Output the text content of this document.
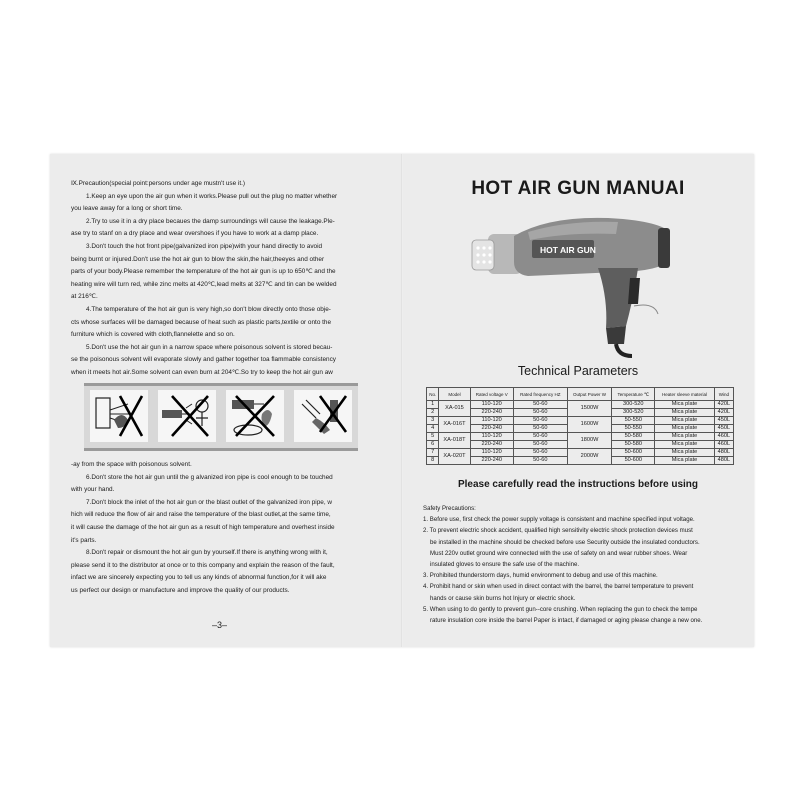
Ⅸ.Precaution(special point:persons under age mustn't use it.)

1.Keep an eye upon the air gun when it works.Please pull out the plug no matter whether

you leave away for a long or short time.

2.Try to use it in a dry place becaues the damp surroundings will cause the leakage.Ple-

ase try to stanf on a dry place and wear overshoes if you have to work at a damp place.

3.Don't touch the hot front pipe(galvanized iron pipe)with your hand directly to avoid

being burnt or injured.Don't use the hot air gun to blow the skin,the hair,theeyes and other

parts of your body.Please remember the temperature of the hot air gun is up to 650℃ and the

heating wire will turn red, while zinc melts at 420℃,lead melts at 327℃ and tin can be welded

at 216℃.

4.The temperature of the hot air gun is very high,so don't blow directly onto those obje-

cts whose surfaces will be damaged because of heat such as plastic parts,textile or onto the

furniture which is covered with cloth,flannelette and so on.

5.Don't use the hot air gun in a narrow space where poisonous solvent is stored becau-

se the poisonous solvent will evaporate slowly and gather together toa flammable consistency

when it meets hot air.Some solvent can even burn at 204℃.So try to keep the hot air gun aw

-ay from the space with poisonous solvent.

6.Don't store the hot air gun until the g alvanized iron pipe is cool enough to be touched

with your hand.

7.Don't block the inlet of the hot air gun or the blast outlet of the galvanized iron pipe, w

hich will reduce the flow of air and raise the temperature of the blast outlet,at the same time,

it will cause the damage of the hot air gun as a result of high temperature and overhest inside

it's parts.

8.Don't repair or dismount the hot air gun by yourself.If there is anything wrong with it,

please send it to the distributor at once or to this company and explain the reason of the fault,

infact we are sincerely expecting you to tell us any kinds of abnormal function,for it will ake

us perfect our design or manufacture and improve the quality of our products.

–3–
HOT AIR GUN MANUAI
HOT AIR GUN
Technical Parameters
No.	Model	Rated voltage V	Rated frequency HZ	Output Power W	Temperature ℃	Heater sleeve material	Wind
1	XA-015	110-120	50-60	1500W	300-520	Mica plate	420L
2		220-240	50-60		300-520	Mica plate	420L
3	XA-016T	110-120	50-60	1600W	50-550	Mica plate	450L
4		220-240	50-60		50-550	Mica plate	450L
5	XA-018T	110-120	50-60	1800W	50-580	Mica plate	460L
6		220-240	50-60		50-580	Mica plate	460L
7	XA-020T	110-120	50-60	2000W	50-600	Mica plate	480L
8		220-240	50-60		50-600	Mica plate	480L
Please carefully read the instructions before using

Safety Precautions:

1. Before use, first check the power supply voltage is consistent and machine specified input voltage.

2. To prevent electric shock accident, qualified high sensitivity electric shock protection devices must

be installed in the machine should be checked before use Security outside the insulated conductors.

Must 220v outlet ground wire connected with the use of safety on and wear rubber shoes. Wear

insulated gloves to ensure the safe use of the machine.

3. Prohibited thunderstorm days, humid environment to debug and use of this machine.

4. Prohibit hand or skin when used in direct contact with the barrel, the barrel temperature to prevent

hands or cause skin burns hot Injury or electric shock.

5. When using to do gently to prevent gun--core crushing. When replacing the gun to check the tempe

rature insulation core inside the barrel Paper is intact, if damaged or aging please change a new one.
